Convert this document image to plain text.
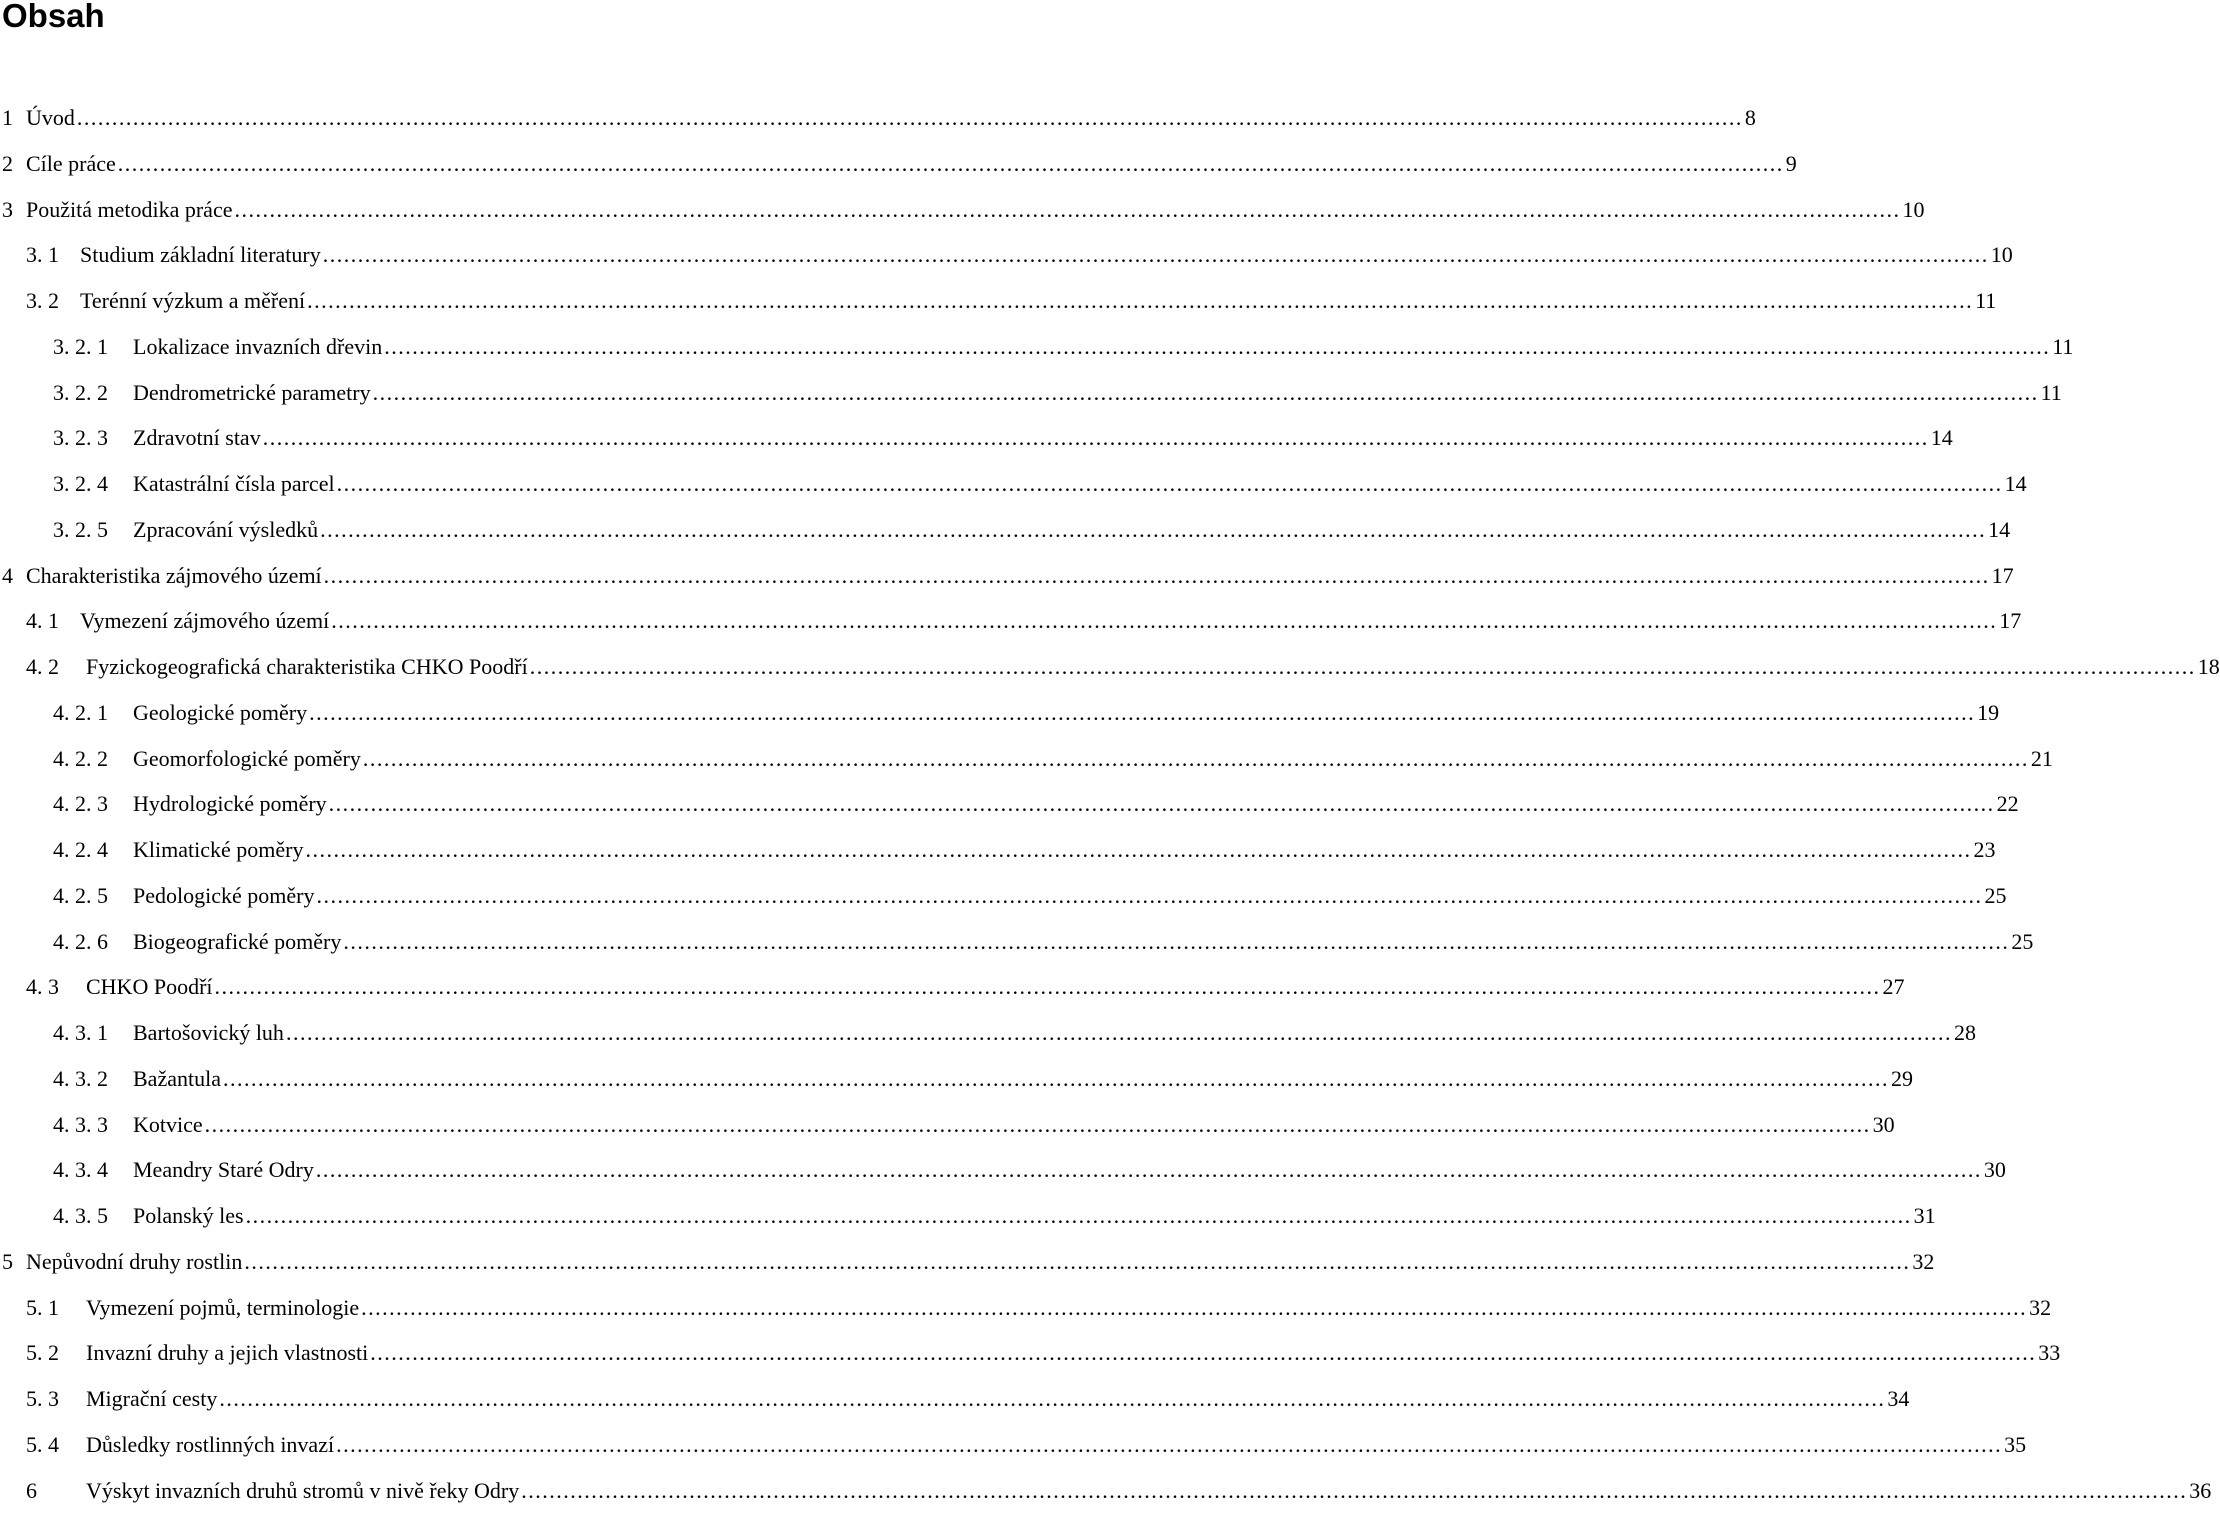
Obsah
1 Úvod .............................................................................................................................................................................................................................................. 8
2 Cíle práce .............................................................................................................................................................................................................................................. 9
3 Použitá metodika práce .............................................................................................................................................................................................................................................. 10
3. 1 Studium základní literatury .............................................................................................................................................................................................................................................. 10
3. 2 Terénní výzkum a měření .............................................................................................................................................................................................................................................. 11
3. 2. 1 Lokalizace invazních dřevin .............................................................................................................................................................................................................................................. 11
3. 2. 2 Dendrometrické parametry .............................................................................................................................................................................................................................................. 11
3. 2. 3 Zdravotní stav .............................................................................................................................................................................................................................................. 14
3. 2. 4 Katastrální čísla parcel .............................................................................................................................................................................................................................................. 14
3. 2. 5 Zpracování výsledků .............................................................................................................................................................................................................................................. 14
4 Charakteristika zájmového území .............................................................................................................................................................................................................................................. 17
4. 1 Vymezení zájmového území .............................................................................................................................................................................................................................................. 17
4. 2 Fyzickogeografická charakteristika CHKO Poodří .............................................................................................................................................................................................................................................. 18
4. 2. 1 Geologické poměry .............................................................................................................................................................................................................................................. 19
4. 2. 2 Geomorfologické poměry .............................................................................................................................................................................................................................................. 21
4. 2. 3 Hydrologické poměry .............................................................................................................................................................................................................................................. 22
4. 2. 4 Klimatické poměry .............................................................................................................................................................................................................................................. 23
4. 2. 5 Pedologické poměry .............................................................................................................................................................................................................................................. 25
4. 2. 6 Biogeografické poměry .............................................................................................................................................................................................................................................. 25
4. 3 CHKO Poodří .............................................................................................................................................................................................................................................. 27
4. 3. 1 Bartošovický luh .............................................................................................................................................................................................................................................. 28
4. 3. 2 Bažantula .............................................................................................................................................................................................................................................. 29
4. 3. 3 Kotvice .............................................................................................................................................................................................................................................. 30
4. 3. 4 Meandry Staré Odry .............................................................................................................................................................................................................................................. 30
4. 3. 5 Polanský les .............................................................................................................................................................................................................................................. 31
5 Nepůvodní druhy rostlin .............................................................................................................................................................................................................................................. 32
5. 1 Vymezení pojmů, terminologie .............................................................................................................................................................................................................................................. 32
5. 2 Invazní druhy a jejich vlastnosti .............................................................................................................................................................................................................................................. 33
5. 3 Migrační cesty .............................................................................................................................................................................................................................................. 34
5. 4 Důsledky rostlinných invazí .............................................................................................................................................................................................................................................. 35
6 Výskyt invazních druhů stromů v nivě řeky Odry .............................................................................................................................................................................................................................................. 36
